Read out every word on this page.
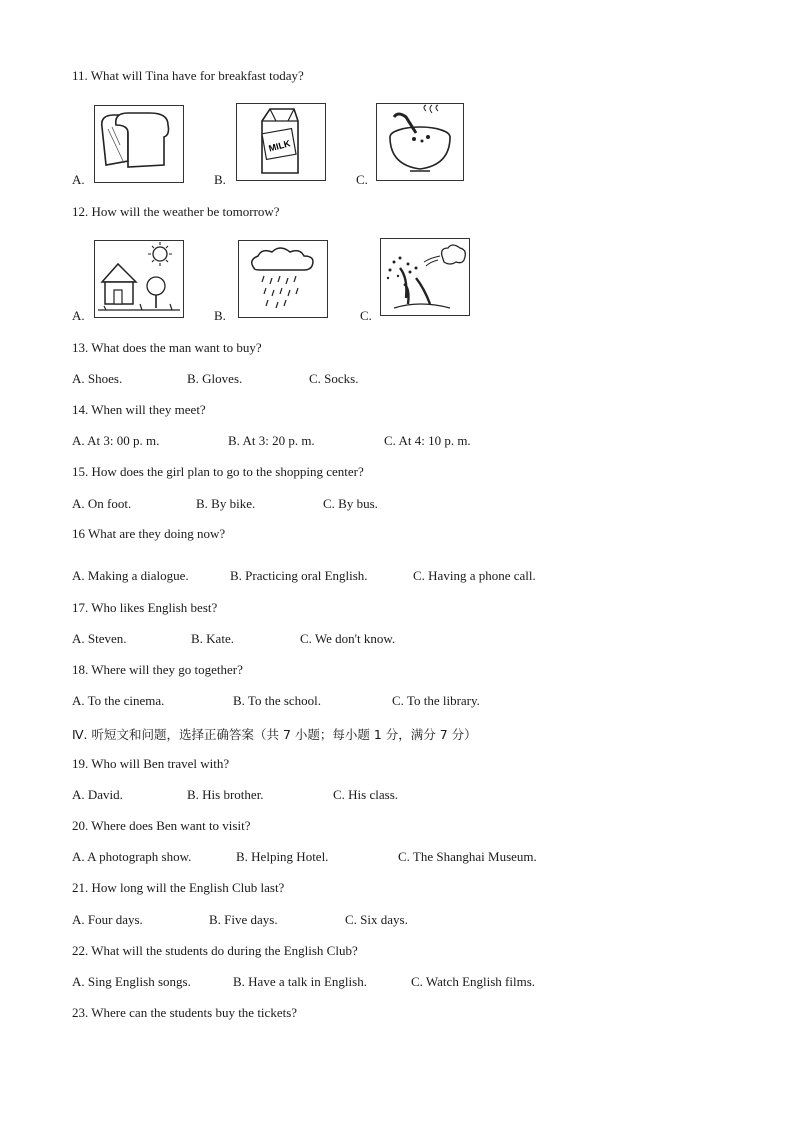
11. What will Tina have for breakfast today?
A.	B.
MILK
C.
12. How will the weather be tomorrow?
A.	B.	C.
13. What does the man want to buy?
A. Shoes.	B. Gloves.	C. Socks.
14. When will they meet?
A. At 3: 00 p. m.	B. At 3: 20 p. m.	C. At 4: 10 p. m.
15. How does the girl plan to go to the shopping center?
A. On foot.	B. By bike.	C. By bus.
16 What are they doing now?
A. Making a dialogue.	B. Practicing oral English.	C. Having a phone call.
17. Who likes English best?
A. Steven.	B. Kate.	C. We don't know.
18. Where will they go together?
A. To the cinema.	B. To the school.	C. To the library.
Ⅳ. 听短文和问题，选择正确答案（共 7 小题；每小题 1 分，满分 7 分）
19. Who will Ben travel with?
A. David.	B. His brother.	C. His class.
20. Where does Ben want to visit?
A. A photograph show.	B. Helping Hotel.	C. The Shanghai Museum.
21. How long will the English Club last?
A. Four days.	B. Five days.	C. Six days.
22. What will the students do during the English Club?
A. Sing English songs.	B. Have a talk in English.	C. Watch English films.
23. Where can the students buy the tickets?
